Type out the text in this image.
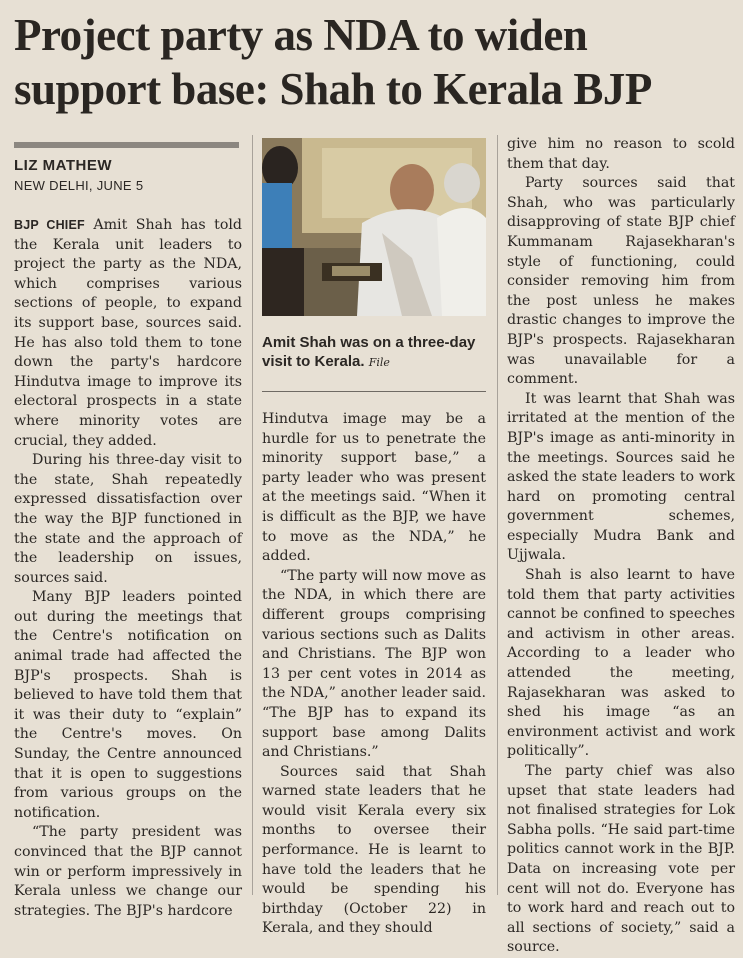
Project party as NDA to widen
support base: Shah to Kerala BJP
LIZ MATHEW
NEW DELHI, JUNE 5

BJP CHIEF Amit Shah has told the Kerala unit leaders to project the party as the NDA, which comprises various sections of people, to expand its support base, sources said. He has also told them to tone down the party's hardcore Hindutva image to improve its electoral prospects in a state where minority votes are crucial, they added.

During his three-day visit to the state, Shah repeatedly expressed dissatisfaction over the way the BJP functioned in the state and the approach of the leadership on issues, sources said.

Many BJP leaders pointed out during the meetings that the Centre's notification on animal trade had affected the BJP's prospects. Shah is believed to have told them that it was their duty to “explain” the Centre's moves. On Sunday, the Centre announced that it is open to suggestions from various groups on the notification.

“The party president was convinced that the BJP cannot win or perform impressively in Kerala unless we change our strategies. The BJP's hardcore

Amit Shah was on a three-day visit to Kerala. File

Hindutva image may be a hurdle for us to penetrate the minority support base,” a party leader who was present at the meetings said. “When it is difficult as the BJP, we have to move as the NDA,” he added.

“The party will now move as the NDA, in which there are different groups comprising various sections such as Dalits and Christians. The BJP won 13 per cent votes in 2014 as the NDA,” another leader said. “The BJP has to expand its support base among Dalits and Christians.”

Sources said that Shah warned state leaders that he would visit Kerala every six months to oversee their performance. He is learnt to have told the leaders that he would be spending his birthday (October 22) in Kerala, and they should

give him no reason to scold them that day.

Party sources said that Shah, who was particularly disapproving of state BJP chief Kummanam Rajasekharan's style of functioning, could consider removing him from the post unless he makes drastic changes to improve the BJP's prospects. Rajasekharan was unavailable for a comment.

It was learnt that Shah was irritated at the mention of the BJP's image as anti-minority in the meetings. Sources said he asked the state leaders to work hard on promoting central government schemes, especially Mudra Bank and Ujjwala.

Shah is also learnt to have told them that party activities cannot be confined to speeches and activism in other areas. According to a leader who attended the meeting, Rajasekharan was asked to shed his image “as an environment activist and work politically”.

The party chief was also upset that state leaders had not finalised strategies for Lok Sabha polls. “He said part-time politics cannot work in the BJP. Data on increasing vote per cent will not do. Everyone has to work hard and reach out to all sections of society,” said a source.
